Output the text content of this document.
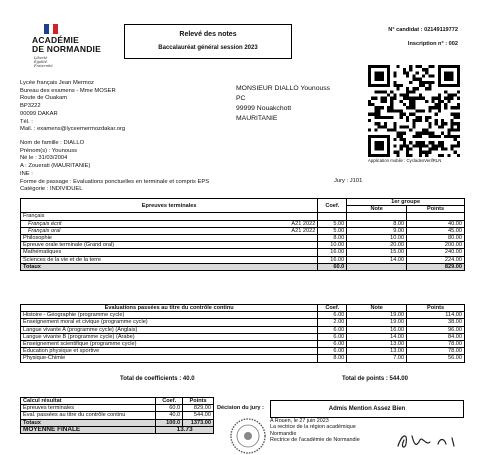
ACADÉMIE
DE NORMANDIE
Liberté
Égalité
Fraternité
Relevé des notes
Baccalauréat général session 2023
N° candidat : 02149119772
Inscription n° : 002
Application mobile : CycladesVerifRLN
Lycée français Jean Mermoz
Bureau des examens - Mme MOSER
Route de Ouakam
BP3222
00099 DAKAR
Tél. :
Mail. : examens@lyceemermozdakar.org
MONSIEUR DIALLO Younouss
PC
99999 Nouakchott
MAURITANIE
Nom de famille : DIALLO
Prénom(s) : Younouss
Né le : 31/03/2004
A : Zouerati (MAURITANIE)
INE :
Forme de passage : Evaluations ponctuelles en terminale et compris EPS
Catégorie : INDIVIDUEL
Jury : J101
Epreuves terminales		Coef.	1er groupe	
			Note	Points
Français				
Français écrit	A21 2022	5.00	8.00	40.00
Français oral	A21 2022	5.00	9.00	45.00
Philosophie		8.00	10.00	80.00
Epreuve orale terminale (Grand oral)		10.00	20.00	200.00
Mathématiques		16.00	15.00	240.00
Sciences de la vie et de la terre		16.00	14.00	224.00
Totaux		60.0		829.00
Evaluations passées au titre du contrôle continu	Coef.	Note	Points
Histoire - Géographie (programme cycle)	6.00	19.00	114.00
Enseignement moral et civique (programme cycle)	2.00	19.00	38.00
Langue vivante A (programme cycle) (Anglais)	6.00	16.00	96.00
Langue vivante B (programme cycle) (Arabe)	6.00	14.00	84.00
Enseignement scientifique (programme cycle)	6.00	13.00	78.00
Education physique et sportive	6.00	13.00	78.00
Physique-Chimie	8.00	7.00	56.00
Total de coefficients : 40.0	Total de points : 544.00
Calcul résultat	Coef.	Points
Epreuves terminales	60.0	829.00
Eval. passées au titre du contrôle continu	40.0	544.00
Totaux	100.0	1373.00
MOYENNE FINALE	13.73	
Décision du jury :	Admis Mention Assez Bien
A Rouen, le 27 juin 2023
La rectrice de la région académique
Normandie
Rectrice de l'académie de Normandie
